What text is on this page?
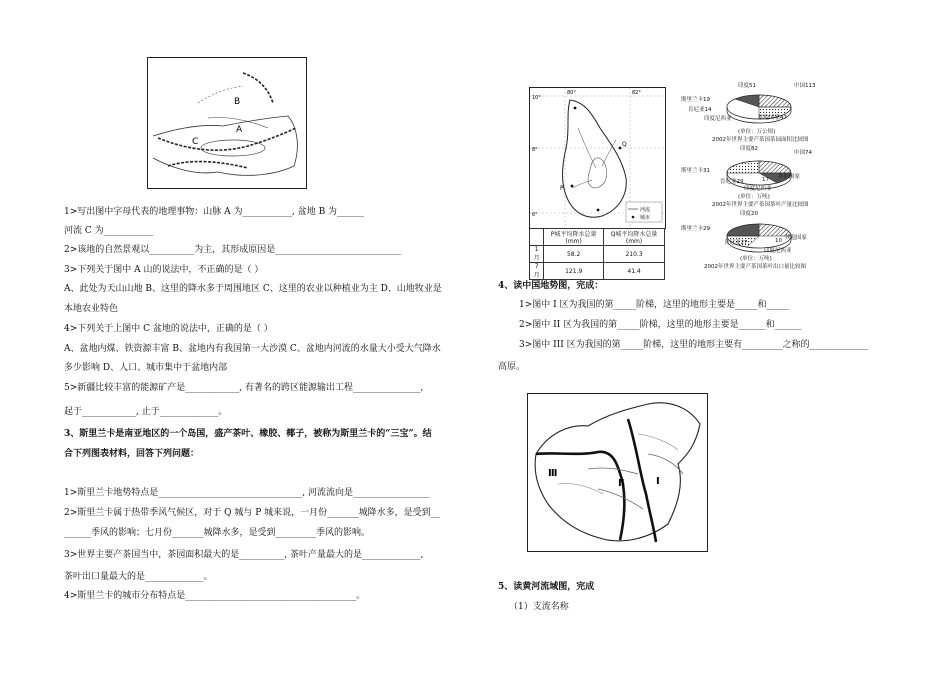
A
B
C
1>写出图中字母代表的地理事物：山脉 A 为___________, 盆地 B 为______
河流 C 为___________
2>该地的自然景观以__________为主，其形成原因是____________________________
3>下列关于图中 A 山的说法中，不正确的是（ ）
A、此处为天山山地 B、这里的降水多于周围地区 C、这里的农业以种植业为主 D、山地牧业是
本地农业特色
4>下列关于上图中 C 盆地的说法中，正确的是（ ）
A、盆地内煤、铁资源丰富 B、盆地内有我国第一大沙漠 C、盆地内河流的水量大小受大气降水
多少影响 D、人口、城市集中于盆地内部
5>新疆比较丰富的能源矿产是____________, 有著名的跨区能源输出工程_______________,
起于____________, 止于_____________。
3、斯里兰卡是南亚地区的一个岛国，盛产茶叶、橡胶、椰子，被称为斯里兰卡的“三宝”。结
合下列图表材料，回答下列问题：
1>斯里兰卡地势特点是________________________________, 河流流向是_________________
2>斯里兰卡属于热带季风气候区，对于 Q 城与 P 城来说，一月份_______城降水多，是受到__
______季风的影响；七月份_______城降水多，是受到_________季风的影响。
3>世界主要产茶国当中，茶园面积最大的是__________, 茶叶产量最大的是_____________,
茶叶出口量最大的是_____________。
4>斯里兰卡的城市分布特点是______________________________________。
10°
8°
6°
80°	82°
P
Q
河流
城市
	P城平均降水总量(mm)	Q城平均降水总量(mm)
1月	58.2	210.3
7月	121.9	41.4
印度51	中国113
斯里兰卡19
肯尼亚14
其他国家47
印度尼西亚
(单位：万公顷)
2002年世界主要产茶国茶园面积比较图
印度82
中国74
斯里兰卡31
肯尼亚29	17 其他国家
印度尼西亚
(单位：万吨)
2002年世界主要产茶国茶叶产量比较图
印度20
斯里兰卡29
肯尼亚27	10 其他国家
印度尼西亚
(单位：万吨)
2002年世界主要产茶国茶叶出口量比较图
4、读中国地势图，完成：
1>图中 I 区为我国的第_____阶梯，这里的地形主要是_____和_____
2>图中 II 区为我国的第_____阶梯，这里的地形主要是______和______
3>图中 III 区为我国的第_____阶梯，这里的地形主要有_________之称的_____________
高原。
Ⅲ
Ⅱ	Ⅰ
5、读黄河流域图，完成
（1）支流名称
